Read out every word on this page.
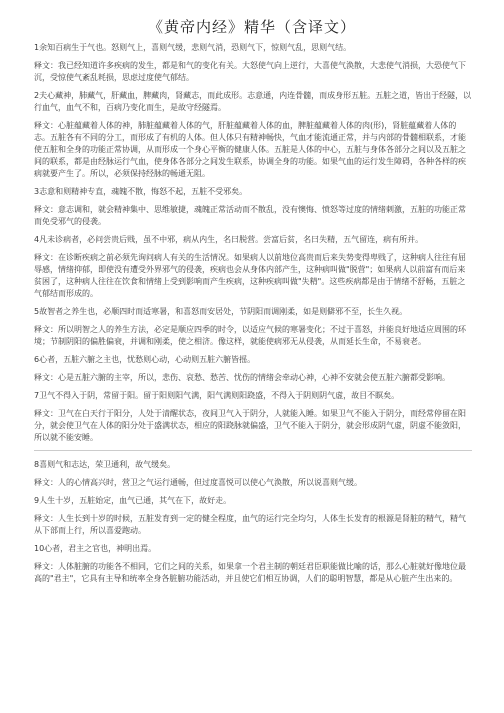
《黄帝内经》精华（含译文）

1余知百病生于气也。怒则气上，喜则气缓，悲则气消，恐则气下，惊则气乱，思则气结。

释文：我已经知道许多疾病的发生，都是和气的变化有关。大怒使气向上逆行，大喜使气涣散，大悲使气消损，大恐使气下沉，受惊使气紊乱耗损，思虑过度使气郁结。

2夫心藏神，肺藏气，肝藏血，脾藏肉，肾藏志，而此成形。志意通，内连骨髓，而成身形五脏。五脏之道，皆出于经隧，以行血气，血气不和，百病乃变化而生，是故守经隧焉。

释文：心脏蕴藏着人体的神，肺脏蕴藏着人体的气，肝脏蕴藏着人体的血，脾脏蕴藏着人体的肉(形)，肾脏蕴藏着人体的志。五脏各有不同的分工，而形成了有机的人体。但人体只有精神畅快，气血才能流通正常，并与内部的骨髓相联系，才能使五脏和全身的功能正常协调，从而形成一个身心平衡的健康人体。五脏是人体的中心，五脏与身体各部分之间以及五脏之间的联系，都是由经脉运行气血，使身体各部分之间发生联系，协调全身的功能。如果气血的运行发生障碍，各种各样的疾病就要产生了。所以，必须保持经脉的畅通无阻。

3志意和则精神专直，魂魄不散，悔怒不起，五脏不受邪矣。

释文：意志调和，就会精神集中、思维敏捷，魂魄正常活动而不散乱，没有懊悔、愤怒等过度的情绪刺激，五脏的功能正常而免受邪气的侵袭。

4凡未诊病者，必问尝贵后贱，虽不中邪，病从内生，名曰脱营。尝富后贫，名曰失精，五气留连，病有所并。

释文：在诊断疾病之前必须先询问病人有关的生活情况。如果病人以前地位高贵而后来失势变得卑贱了，这种病人往往有屈辱感，情绪抑郁，即使没有遭受外界邪气的侵袭，疾病也会从身体内部产生，这种病叫做"脱营"；如果病人以前富有而后来贫困了，这种病人往往在饮食和情绪上受到影响而产生疾病，这种疾病叫做"失精"。这些疾病都是由于情绪不舒畅，五脏之气郁结而形成的。

5故智者之养生也，必顺四时而适寒暑，和喜怒而安居处，节阴阳而调刚柔，如是则僻邪不至，长生久视。

释文：所以明智之人的养生方法，必定是顺应四季的时令，以适应气候的寒暑变化；不过于喜怒，并能良好地适应周围的环境；节制阴阳的偏胜偏衰，并调和刚柔，使之相济。像这样，就能使病邪无从侵袭，从而延长生命，不易衰老。

6心者，五脏六腑之主也，忧愁则心动，心动则五脏六腑皆摇。

释文：心是五脏六腑的主宰，所以，悲伤、哀愁、愁苦、忧伤的情绪会牵动心神，心神不安就会使五脏六腑都受影响。

7卫气不得入于阴，常留于阳。留于阳则阳气满，阳气满则阳跷盛，不得入于阴则阴气虚，故目不瞑矣。

释文：卫气在白天行于阳分，人处于清醒状态，夜间卫气入于阴分，人就能入睡。如果卫气不能入于阴分，而经常停留在阳分，就会使卫气在人体的阳分处于盛满状态，相应的阳跷脉就偏盛，卫气不能入于阴分，就会形成阴气虚，阴虚不能敛阳，所以就不能安睡。

8喜则气和志达，荣卫通利，故气缓矣。

释文：人的心情高兴时，营卫之气运行通畅，但过度喜悦可以使心气涣散，所以说喜则气缓。

9人生十岁，五脏始定，血气已通，其气在下，故好走。

释文：人生长到十岁的时候，五脏发育到一定的健全程度，血气的运行完全均匀，人体生长发育的根源是肾脏的精气，精气从下部而上行，所以喜爱跑动。

10心者，君主之官也，神明出焉。

释文：人体脏腑的功能各不相同，它们之间的关系，如果拿一个君主制的朝廷君臣职能做比喻的话，那么心脏就好像地位最高的"君主"，它具有主导和统率全身各脏腑功能活动，并且使它们相互协调，人们的聪明智慧，都是从心脏产生出来的。
